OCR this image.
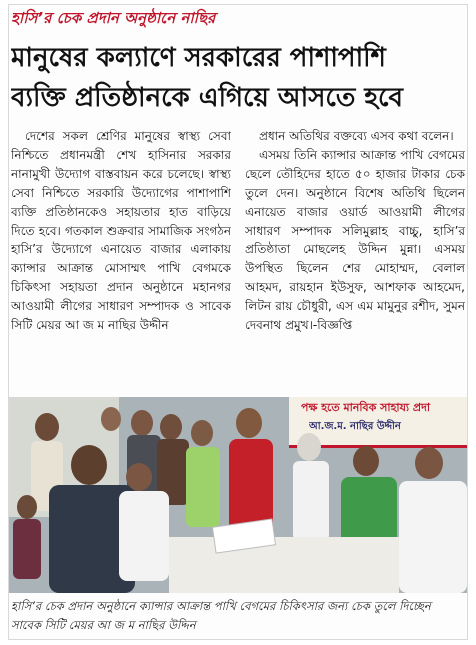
হাসি’র চেক প্রদান অনুষ্ঠানে নাছির
মানুষের কল্যাণে সরকারের পাশাপাশি
ব্যক্তি প্রতিষ্ঠানকে এগিয়ে আসতে হবে

দেশের সকল শ্রেণির মানুষের স্বাস্থ্য সেবা নিশ্চিতে প্রধানমন্ত্রী শেখ হাসিনার সরকার নানামুখী উদ্যোগ বাস্তবায়ন করে চলেছে। স্বাস্থ্য সেবা নিশ্চিতে সরকারি উদ্যোগের পাশাপাশি ব্যক্তি প্রতিষ্ঠানকেও সহায়তার হাত বাড়িয়ে দিতে হবে। গতকাল শুক্রবার সামাজিক সংগঠন হাসি’র উদ্যোগে এনায়েত বাজার এলাকায় ক্যান্সার আক্রান্ত মোসাম্মৎ পাখি বেগমকে চিকিৎসা সহায়তা প্রদান অনুষ্ঠানে মহানগর আওয়ামী লীগের সাধারণ সম্পাদক ও সাবেক সিটি মেয়র আ জ ম নাছির উদ্দীন

প্রধান অতিথির বক্তব্যে এসব কথা বলেন।

এসময় তিনি ক্যান্সার আক্রান্ত পাখি বেগমের ছেলে তৌহিদের হাতে ৫০ হাজার টাকার চেক তুলে দেন। অনুষ্ঠানে বিশেষ অতিথি ছিলেন এনায়েত বাজার ওয়ার্ড আওয়ামী লীগের সাধারণ সম্পাদক সলিমুল্লাহ বাচ্চু, হাসি’র প্রতিষ্ঠাতা মোছলেহ উদ্দিন মুন্না। এসময় উপস্থিত ছিলেন শের মোহাম্মদ, বেলাল আহমদ, রায়হান ইউসুফ, আশফাক আহমেদ, লিটন রায় চৌধুরী, এস এম মামুনুর রশীদ, সুমন দেবনাথ প্রমুখ।-বিজ্ঞপ্তি

পক্ষ হতে মানবিক সাহায্য প্রদা
আ.জ.ম. নাছির উদ্দীন
হাসি’র চেক প্রদান অনুষ্ঠানে ক্যান্সার আক্রান্ত পাখি বেগমের চিকিৎসার জন্য চেক তুলে দিচ্ছেন সাবেক সিটি মেয়র আ জ ম নাছির উদ্দিন
